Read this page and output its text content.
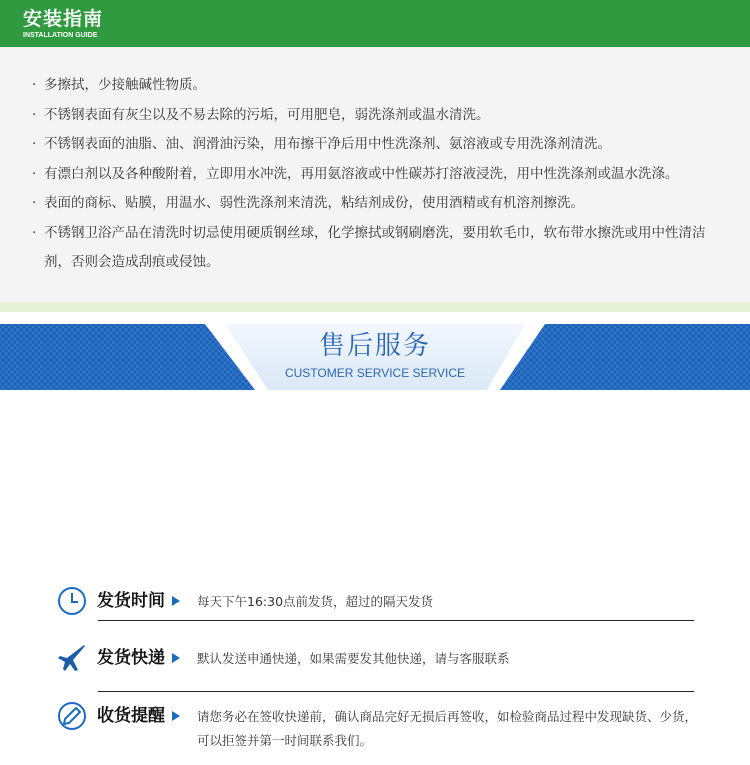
安装指南
INSTALLATION GUIDE
· 多擦拭，少接触碱性物质。
· 不锈钢表面有灰尘以及不易去除的污垢，可用肥皂，弱洗涤剂或温水清洗。
· 不锈钢表面的油脂、油、润滑油污染，用布擦干净后用中性洗涤剂、氨溶液或专用洗涤剂清洗。
· 有漂白剂以及各种酸附着，立即用水冲洗，再用氨溶液或中性碳苏打溶液浸洗，用中性洗涤剂或温水洗涤。
· 表面的商标、贴膜，用温水、弱性洗涤剂来清洗，粘结剂成份，使用酒精或有机溶剂擦洗。
· 不锈钢卫浴产品在清洗时切忌使用硬质钢丝球，化学擦拭或钢刷磨洗，要用软毛巾，软布带水擦洗或用中性清洁剂，否则会造成刮痕或侵蚀。
售后服务
CUSTOMER SERVICE SERVICE
发货时间	每天下午16:30点前发货，超过的隔天发货
发货快递	默认发送申通快递，如果需要发其他快递，请与客服联系
收货提醒	请您务必在签收快递前，确认商品完好无损后再签收，如检验商品过程中发现缺货、少货，可以拒签并第一时间联系我们。
